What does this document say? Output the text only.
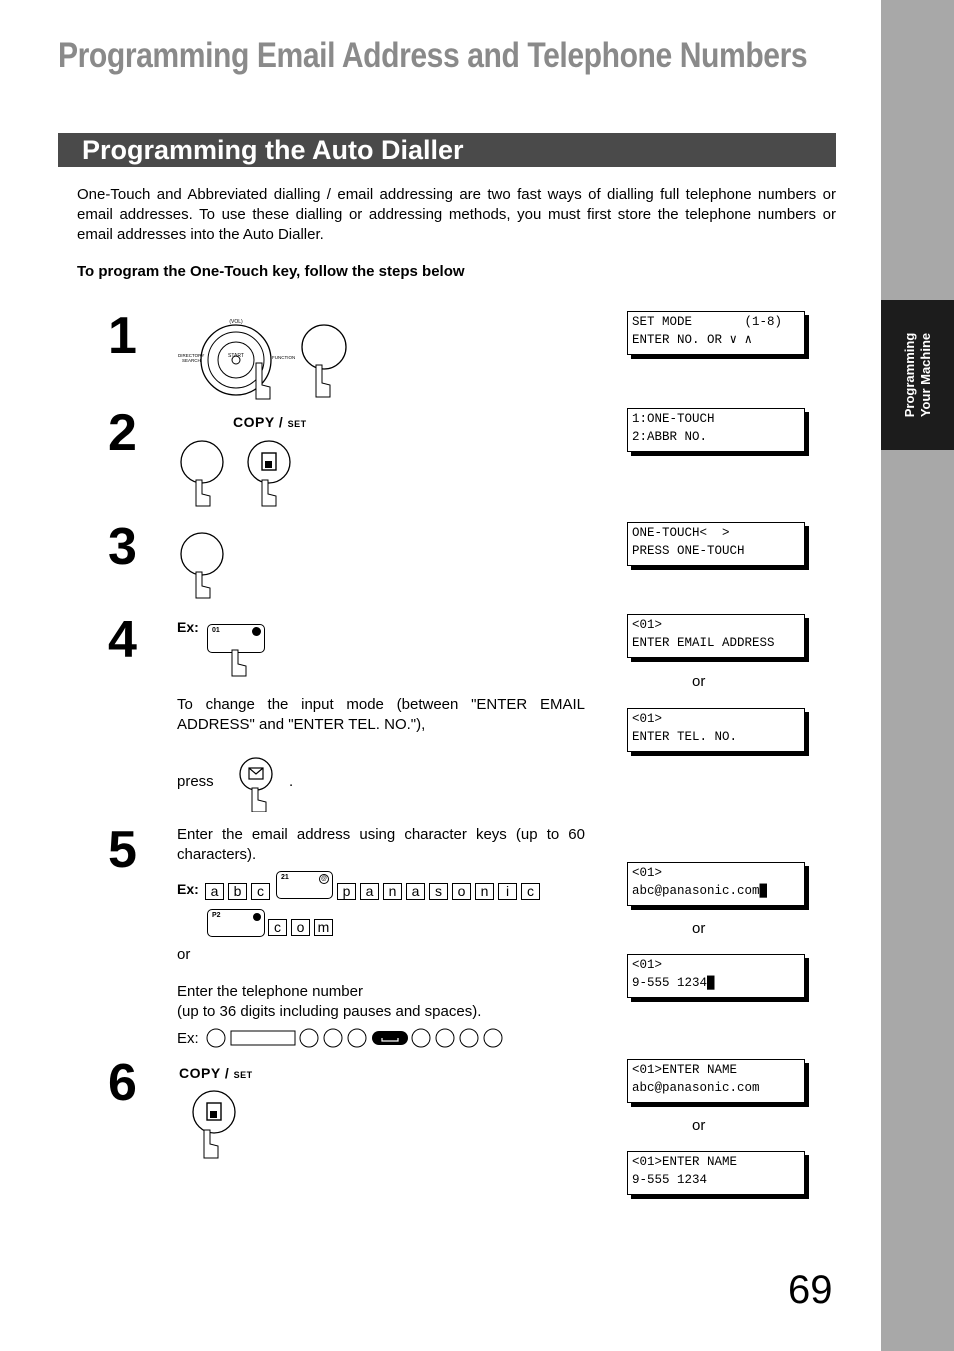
Programming Your Machine
Programming Email Address and Telephone Numbers
Programming the Auto Dialler
One-Touch and Abbreviated dialling / email addressing are two fast ways of dialling full telephone numbers or email addresses. To use these dialling or addressing methods, you must first store the telephone numbers or email addresses into the Auto Dialler.
To program the One-Touch key, follow the steps below
1	START
(VOL)
DIRECTORY
SEARCH
FUNCTION
SET MODE       (1-8)
ENTER NO. OR ∨ ∧
2	COPY / SET	1:ONE-TOUCH
2:ABBR NO.
3	ONE-TOUCH<  >
PRESS ONE-TOUCH
4	Ex: 01	<01>
ENTER EMAIL ADDRESS
or
<01>
ENTER TEL. NO.
To change the input mode (between "ENTER EMAIL ADDRESS" and "ENTER TEL. NO."),
press	.
5	Enter the email address using character keys (up to 60 characters).
Ex: a	b	c
21	@
p	a	n	a	s	o	n	i	c
P2
c	o m
or
Enter the telephone number
(up to 36 digits including pauses and spaces).
Ex:
<01>
abc@panasonic.com█
or
<01>
9-555 1234█
6	COPY / SET	<01>ENTER NAME
abc@panasonic.com
or
<01>ENTER NAME
9-555 1234
69
